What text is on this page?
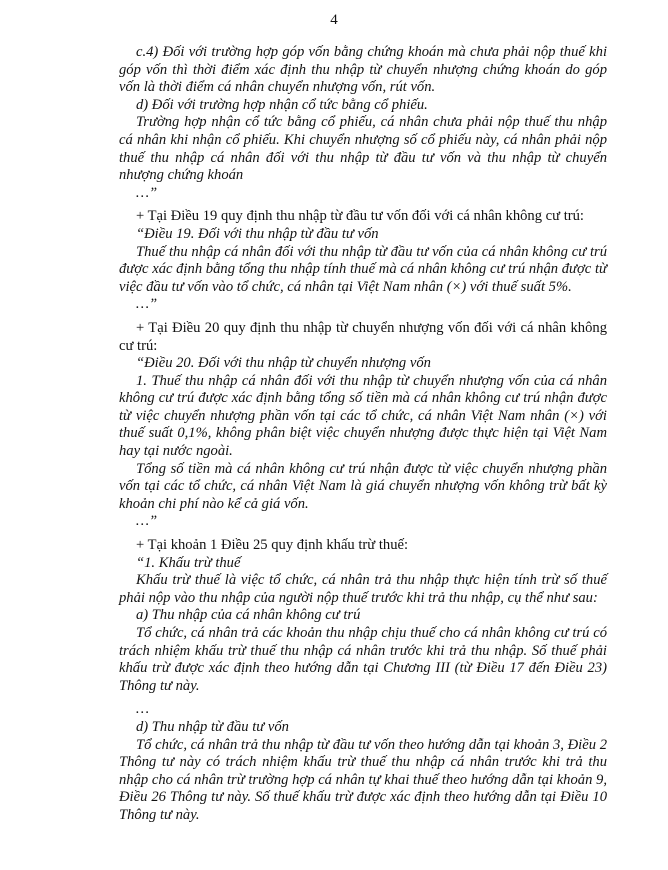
4

c.4) Đối với trường hợp góp vốn bằng chứng khoán mà chưa phải nộp thuế khi góp vốn thì thời điểm xác định thu nhập từ chuyển nhượng chứng khoán do góp vốn là thời điểm cá nhân chuyển nhượng vốn, rút vốn.

d) Đối với trường hợp nhận cổ tức bằng cổ phiếu.

Trường hợp nhận cổ tức bằng cổ phiếu, cá nhân chưa phải nộp thuế thu nhập cá nhân khi nhận cổ phiếu. Khi chuyển nhượng số cổ phiếu này, cá nhân phải nộp thuế thu nhập cá nhân đối với thu nhập từ đầu tư vốn và thu nhập từ chuyển nhượng chứng khoán

…”

+ Tại Điều 19 quy định thu nhập từ đầu tư vốn đối với cá nhân không cư trú:

“Điều 19. Đối với thu nhập từ đầu tư vốn

Thuế thu nhập cá nhân đối với thu nhập từ đầu tư vốn của cá nhân không cư trú được xác định bằng tổng thu nhập tính thuế mà cá nhân không cư trú nhận được từ việc đầu tư vốn vào tổ chức, cá nhân tại Việt Nam nhân (×) với thuế suất 5%.

…”

+ Tại Điều 20 quy định thu nhập từ chuyển nhượng vốn đối với cá nhân không cư trú:

“Điều 20. Đối với thu nhập từ chuyển nhượng vốn

1. Thuế thu nhập cá nhân đối với thu nhập từ chuyển nhượng vốn của cá nhân không cư trú được xác định bằng tổng số tiền mà cá nhân không cư trú nhận được từ việc chuyển nhượng phần vốn tại các tổ chức, cá nhân Việt Nam nhân (×) với thuế suất 0,1%, không phân biệt việc chuyển nhượng được thực hiện tại Việt Nam hay tại nước ngoài.

Tổng số tiền mà cá nhân không cư trú nhận được từ việc chuyển nhượng phần vốn tại các tổ chức, cá nhân Việt Nam là giá chuyển nhượng vốn không trừ bất kỳ khoản chi phí nào kể cả giá vốn.

…”

+ Tại khoản 1 Điều 25 quy định khấu trừ thuế:

“1. Khấu trừ thuế

Khấu trừ thuế là việc tổ chức, cá nhân trả thu nhập thực hiện tính trừ số thuế phải nộp vào thu nhập của người nộp thuế trước khi trả thu nhập, cụ thể như sau:

a) Thu nhập của cá nhân không cư trú

Tổ chức, cá nhân trả các khoản thu nhập chịu thuế cho cá nhân không cư trú có trách nhiệm khấu trừ thuế thu nhập cá nhân trước khi trả thu nhập. Số thuế phải khấu trừ được xác định theo hướng dẫn tại Chương III (từ Điều 17 đến Điều 23) Thông tư này.

…

d) Thu nhập từ đầu tư vốn

Tổ chức, cá nhân trả thu nhập từ đầu tư vốn theo hướng dẫn tại khoản 3, Điều 2 Thông tư này có trách nhiệm khấu trừ thuế thu nhập cá nhân trước khi trả thu nhập cho cá nhân trừ trường hợp cá nhân tự khai thuế theo hướng dẫn tại khoản 9, Điều 26 Thông tư này. Số thuế khấu trừ được xác định theo hướng dẫn tại Điều 10 Thông tư này.
